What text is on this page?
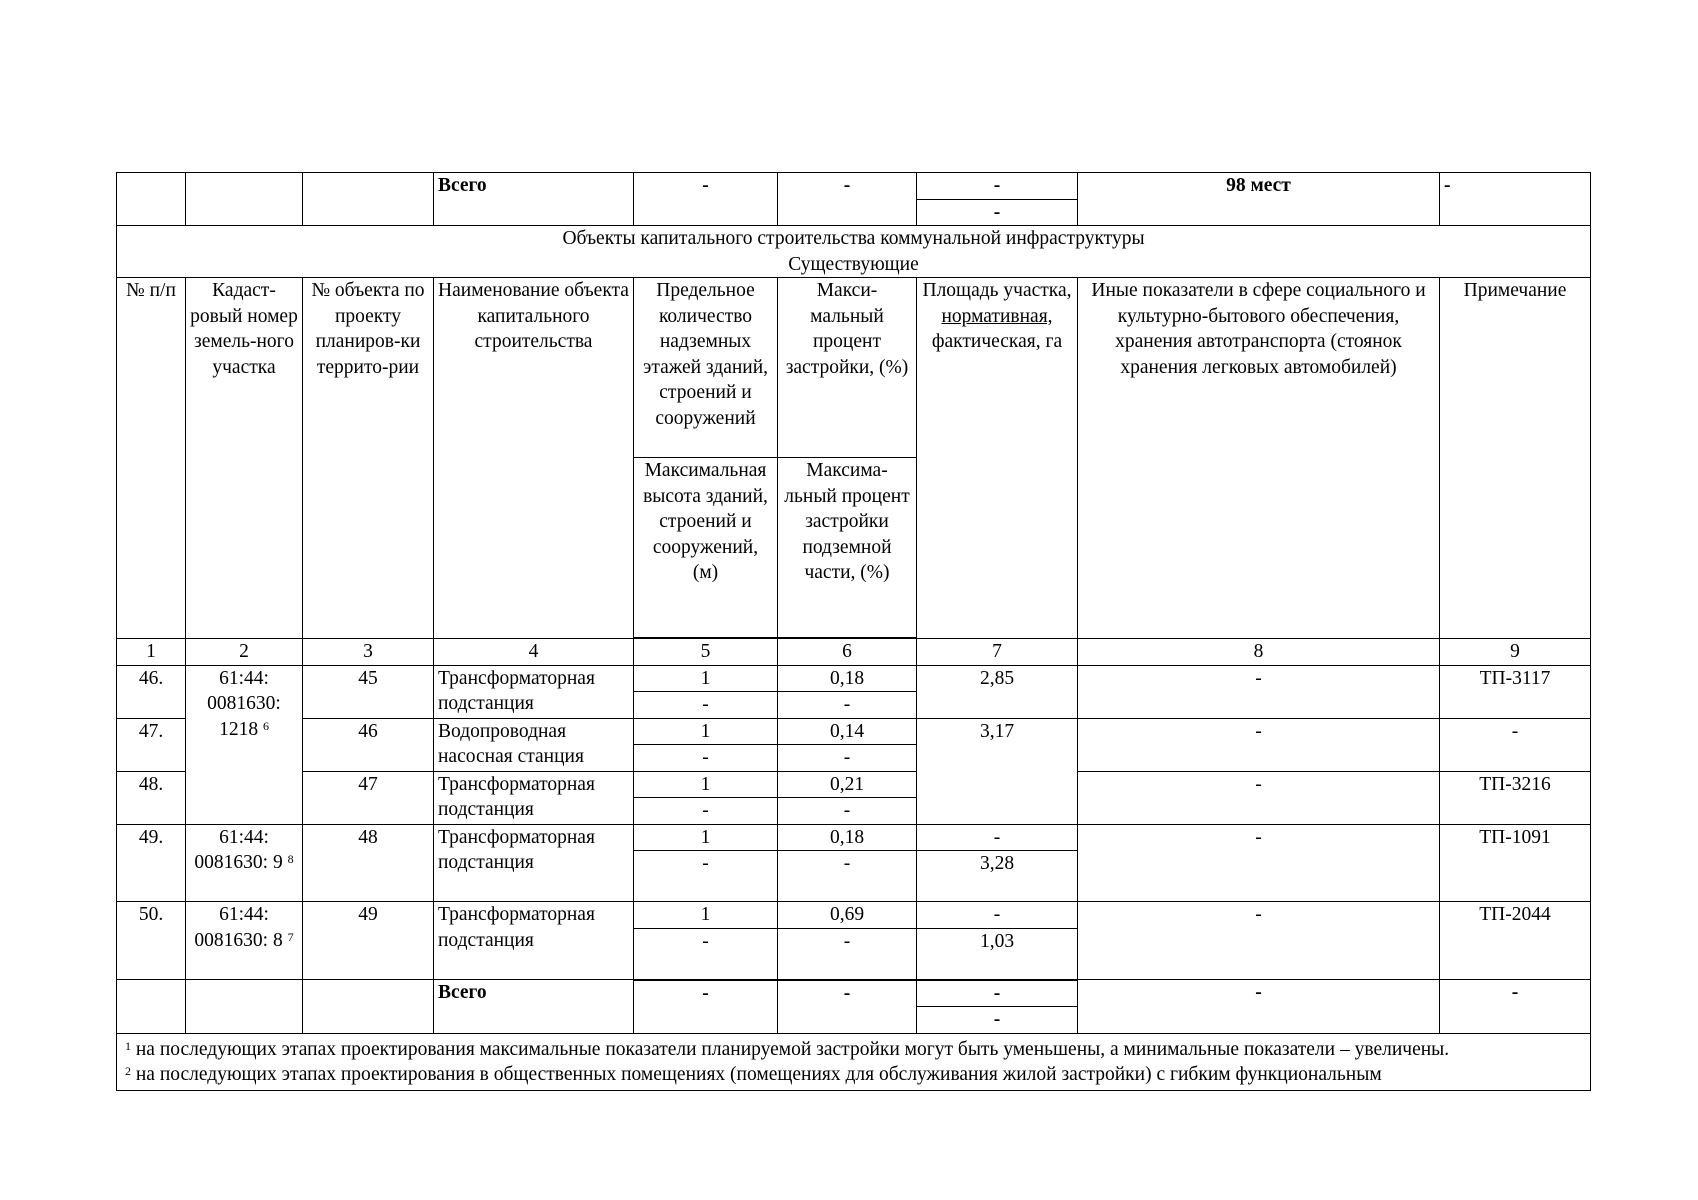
			Всего	-	-	-	98 мест	-
						-		

Объекты капитального строительства коммунальной инфраструктуры
Существующие								

№ п/п	Кадаст-ровый номер земель-ного участка	№ объекта по проекту планиров-ки террито-рии	Наименование объекта капитального строительства	Предельное количество надземных этажей зданий, строений и сооружений	Макси-мальный процент застройки, (%)	Площадь участка, нормативная, фактическая, га	Иные показатели в сфере социального и культурно-бытового обеспечения, хранения автотранспорта (стоянок хранения легковых автомобилей)	Примечание
				Максимальная высота зданий, строений и сооружений, (м)	Максима-льный процент застройки подземной части, (%)			
1	2	3	4	5	6	7	8	9
46.	61:44: 0081630: 1218 $^6$	45	Трансформаторная подстанция	1	0,18	2,85	-	ТП-3117
				-	-			
47.		46	Водопроводная насосная станция	1	0,14	3,17	-	-
				-	-			
48.		47	Трансформаторная подстанция	1	0,21		-	ТП-3216
				-	-			
49.	61:44: 0081630: 9 $^8$	48	Трансформаторная подстанция	1	0,18	-	-	ТП-1091
				-	-	3,28		
50.	61:44: 0081630: 8 $^7$	49	Трансформаторная подстанция	1	0,69	-	-	ТП-2044
				-	-	1,03		
			Всего	-	-	-	-	-
						-		

$^1$ на последующих этапах проектирования максимальные показатели планируемой застройки могут быть уменьшены, а минимальные показатели – увеличены.
$^2$ на последующих этапах проектирования в общественных помещениях (помещениях для обслуживания жилой застройки) с гибким функциональным								
